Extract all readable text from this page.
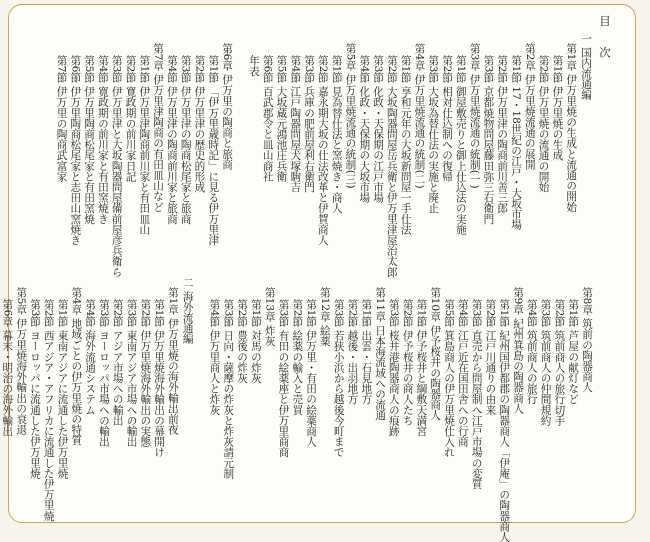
目 次
一 国内流通編
第1章 伊万里焼の生成と流通の開始
第1節 伊万里焼の生成
第2節 伊万里焼の流通の開始
第2章 伊万里焼流通の展開
第1節 17・18世紀の江戸・大坂市場
第2節 伊万里津の陶商前川善三郎
第3節 京都焼物問屋藤田弥三右衛門
第3章 伊万里焼流通の統制(一)
第1節 御屋敷売りと御上仕込法の実施
第2節 相対仕込制への復帰
第3節 大坂為替仕法の実施と廃止
第4章 伊万里焼流通の統制(二)
第1節 享和元年の大坂新問屋一手仕法
第2節 大坂陶器問屋岳兵衛と伊万里津屋治太郎
第3節 化政・天保期の江戸市場
第4節 化政・天保期の大坂市場
第5章 伊万里焼流通の統制(三)
第1節 見為替仕法と窯焼き・商人
第2節 嘉永期大坂の仕法改革と伊賀商人
第3節 兵庫の肥前屋利右衛門
第4節 江戸陶器問屋犬塚駒吉
第5節 大坂蔵元鴻池庄兵衛
第6節 百武郡令と皿山商社
年表
第6章 伊万里の陶商と旅商
第1節 「伊万里歳時記」に見る伊万里津
第2節 伊万里津の歴史的形成
第3節 伊万里津の陶商松尾家と旅商
第4節 伊万里津の陶商前川家と旅商
第7章 伊万里津陶商の有田皿山など
第1節 伊万里津陶商前川家と有田皿山
第2節 寛政期の前川家日記
第3節 伊万里津と大坂陶器問屋備前屋彦兵衛ら
第4節 寛政期の前川家と有田窯焼き
第5節 伊万里陶商松尾家と有田窯焼
第6節 伊万里陶商松尾家と志田山窯焼き
第7節 伊万里の陶商武富家
第8章 筑前の陶器商人
第1節 芦屋の献灯など
第2節 筑前商人の旅行切手
第3節 筑前商人の仲間規約
第4節 筑前商人の旅行
第9章 紀州箕島の陶器商人
第1節 紀州国伊都郡の陶器商人「伊庵」の陶器商人
第2節 江戸川通りの由来
第3節 直売から問屋制へ江戸市場の変質
第4節 江戸近在国田舎への行商
第5節 箕島商人の伊万里焼仕入れ
第10章 伊予桜井の陶器商人
第1節 伊予桜井と綱敷天満宮
第2節 伊予桜井の商人たち
第3節 桜井港陶器商人の痕跡
第11章 日本海流域への流通
第1節 出雲・石見地方
第2節 越後・出羽地方
第3節 若狭小浜から越後今町まで
第12章 絵薬
第1節 伊万里・有田の絵薬商人
第2節 絵薬の輸入と売買
第3節 有田の絵薬座と伊万里商商
第13章 炸灰
第1節 対馬の炸灰
第2節 豊後の炸灰
第3節 日向・薩摩の炸灰と炸灰請元制
第4節 伊万里商人と炸灰
二 海外流通編
第1章 伊万里焼の海外輸出前夜
第1節 伊万里焼海外輸出の幕開け
第2節 伊万里焼海外輸出の実態
第3節 東南アジア市場への輸出
第2節 アジア市場への輸出
第3節 ヨーロッパ市場への輸出
第4節 海外流通システム
第4章 地域ごとの伊万里焼の特質
第1節 東南アジアに流通した伊万里焼
第2節 西アジア・アフリカに流通した伊万里焼
第3節 ヨーロッパに流通した伊万里焼
第5章 伊万里焼海外輸出の衰退
第6章 幕末・明治の海外輸出
